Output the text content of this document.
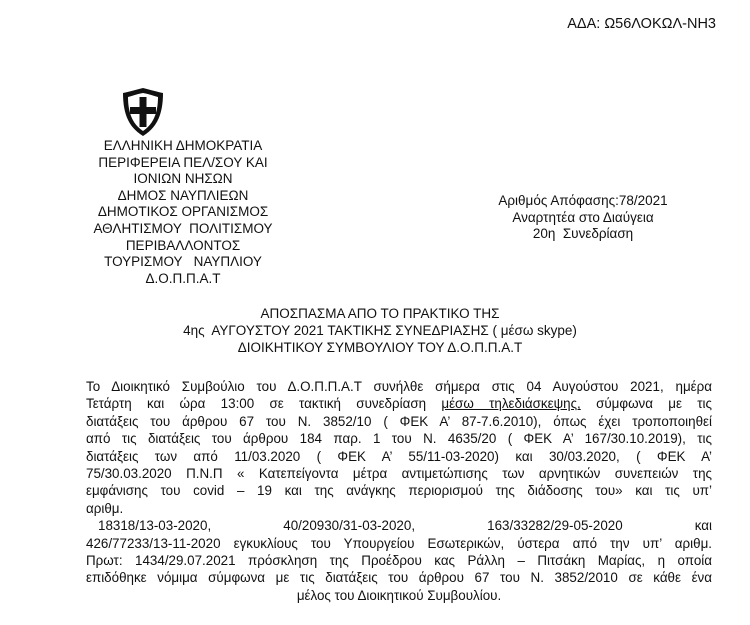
ΑΔΑ: Ω56ΛΟΚΩΛ-ΝΗ3
ΕΛΛΗΝΙΚΗ ΔΗΜΟΚΡΑΤΙΑ
ΠΕΡΙΦΕΡΕΙΑ ΠΕΛ/ΣΟΥ ΚΑΙ
ΙΟΝΙΩΝ ΝΗΣΩΝ
ΔΗΜΟΣ ΝΑΥΠΛΙΕΩΝ
ΔΗΜΟΤΙΚΟΣ ΟΡΓΑΝΙΣΜΟΣ
ΑΘΛΗΤΙΣΜΟΥ  ΠΟΛΙΤΙΣΜΟΥ
ΠΕΡΙΒΑΛΛΟΝΤΟΣ
ΤΟΥΡΙΣΜΟΥ   ΝΑΥΠΛΙΟΥ
Δ.Ο.Π.Π.Α.Τ
Αριθμός Απόφασης:78/2021
Αναρτητέα στο Διαύγεια
20η  Συνεδρίαση
ΑΠΟΣΠΑΣΜΑ ΑΠΟ ΤΟ ΠΡΑΚΤΙΚΟ ΤΗΣ
4ης  ΑΥΓΟΥΣΤΟΥ 2021 ΤΑΚΤΙΚΗΣ ΣΥΝΕΔΡΙΑΣΗΣ ( μέσω skype)
ΔΙΟΙΚΗΤΙΚΟΥ ΣΥΜΒΟΥΛΙΟΥ ΤΟΥ Δ.Ο.Π.Π.Α.Τ
Το Διοικητικό Συμβούλιο του Δ.Ο.Π.Π.Α.Τ συνήλθε σήμερα στις 04 Αυγούστου 2021, ημέρα
Τετάρτη και ώρα 13:00 σε τακτική συνεδρίαση μέσω τηλεδιάσκεψης, σύμφωνα με τις
διατάξεις του άρθρου 67 του Ν. 3852/10 ( ΦΕΚ Α’ 87-7.6.2010), όπως έχει τροποποιηθεί
από τις διατάξεις του άρθρου 184 παρ. 1 του Ν. 4635/20 ( ΦΕΚ Α’ 167/30.10.2019), τις
διατάξεις των από 11/03.2020 ( ΦΕΚ Α’ 55/11-03-2020) και 30/03.2020, ( ΦΕΚ Α’
75/30.03.2020 Π.Ν.Π « Κατεπείγοντα μέτρα αντιμετώπισης των αρνητικών συνεπειών της
εμφάνισης του covid – 19 και της ανάγκης περιορισμού της διάδοσης του» και τις υπ’
αριθμ.
18318/13-03-2020, 40/20930/31-03-2020, 163/33282/29-05-2020 και
426/77233/13-11-2020 εγκυκλίους του Υπουργείου Εσωτερικών, ύστερα από την υπ’ αριθμ.
Πρωτ: 1434/29.07.2021 πρόσκληση της Προέδρου κας Ράλλη – Πιτσάκη Μαρίας, η οποία
επιδόθηκε νόμιμα σύμφωνα με τις διατάξεις του άρθρου 67 του Ν. 3852/2010 σε κάθε ένα
μέλος του Διοικητικού Συμβουλίου.
